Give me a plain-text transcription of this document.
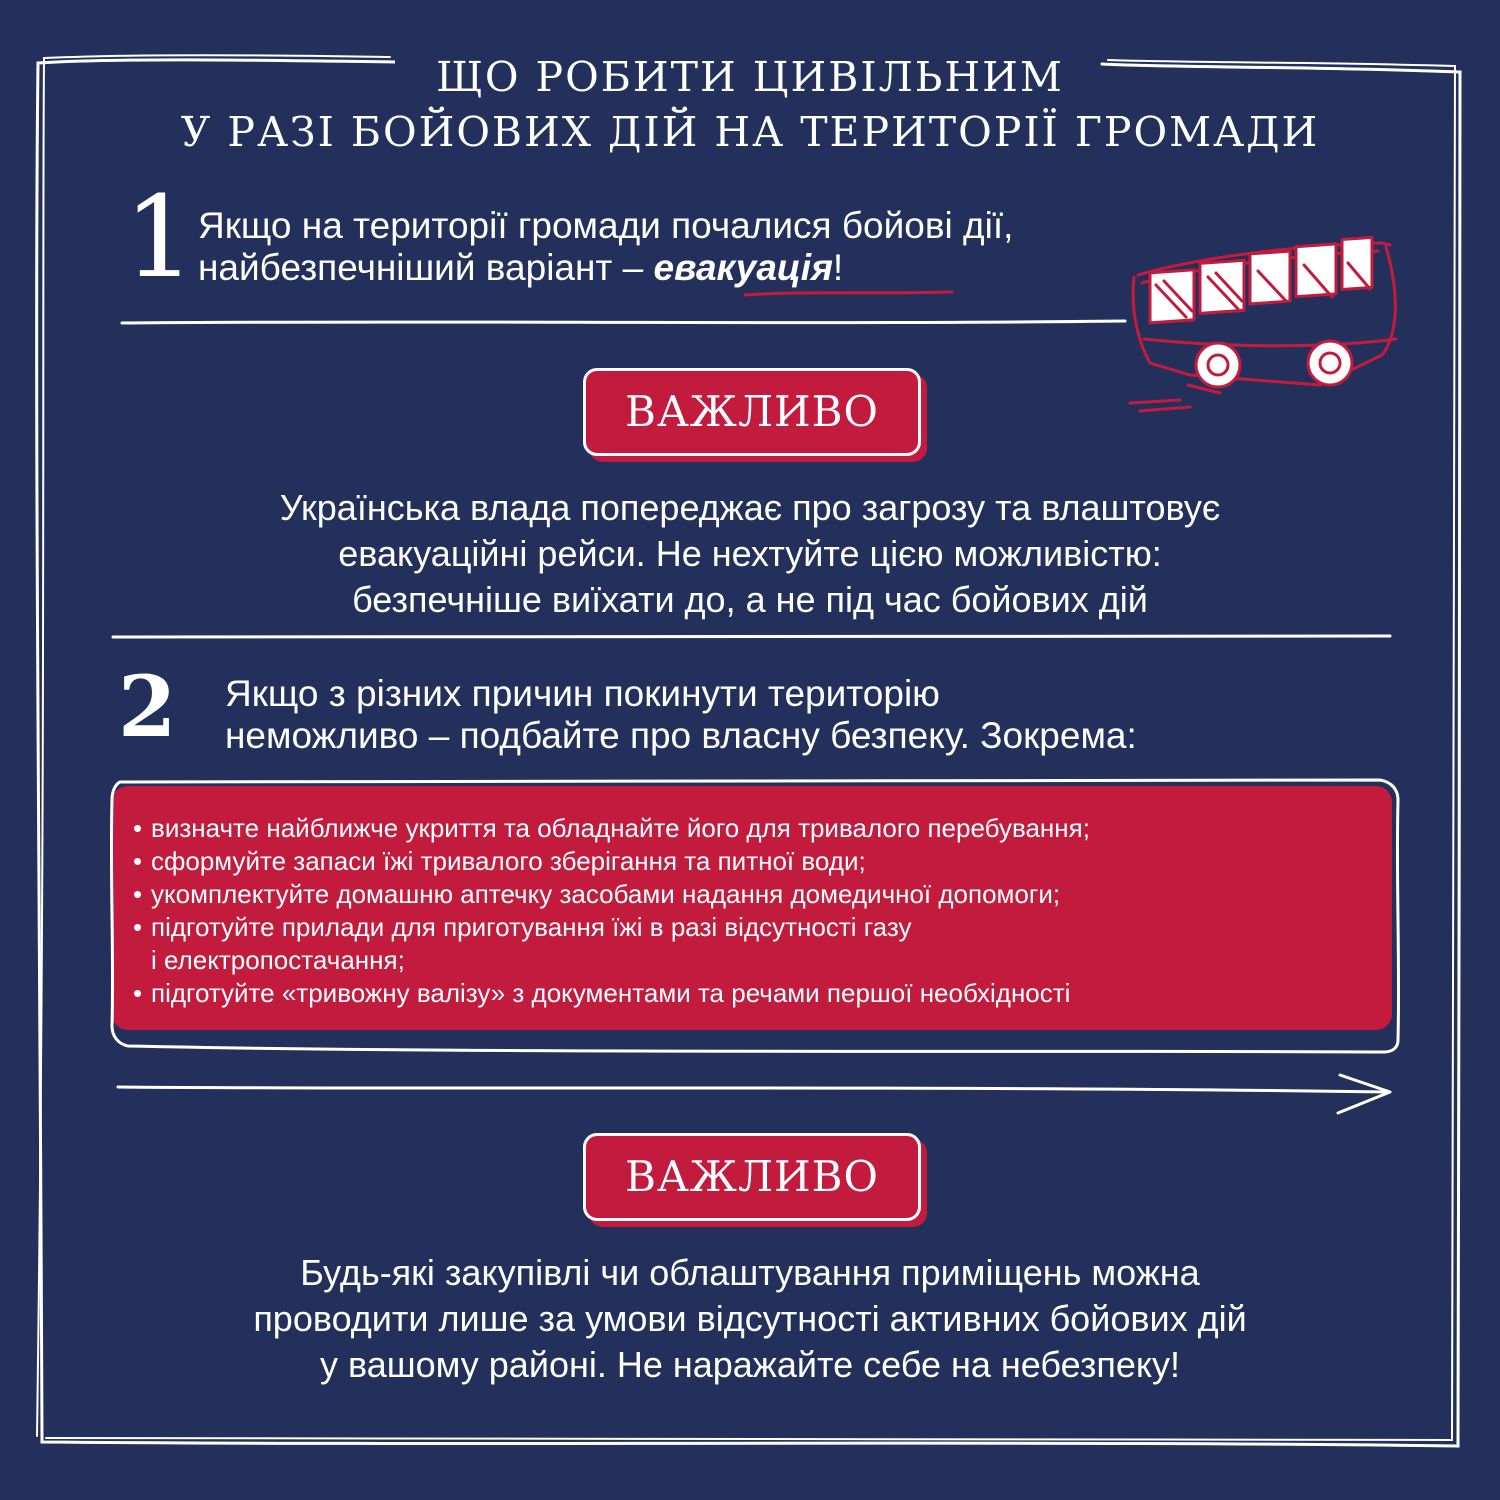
ЩО РОБИТИ ЦИВІЛЬНИМ
У РАЗІ БОЙОВИХ ДІЙ НА ТЕРИТОРІЇ ГРОМАДИ
1 Якщо на території громади почалися бойові дії,
найбезпечніший варіант – евакуація!
ВАЖЛИВО
Українська влада попереджає про загрозу та влаштовує
евакуаційні рейси. Не нехтуйте цією можливістю:
безпечніше виїхати до, а не під час бойових дій
2 Якщо з різних причин покинути територію
неможливо – подбайте про власну безпеку. Зокрема:
• визначте найближче укриття та обладнайте його для тривалого перебування;
• сформуйте запаси їжі тривалого зберігання та питної води;
• укомплектуйте домашню аптечку засобами надання домедичної допомоги;
• підготуйте прилади для приготування їжі в разі відсутності газу
і електропостачання;
• підготуйте «тривожну валізу» з документами та речами першої необхідності
ВАЖЛИВО
Будь-які закупівлі чи облаштування приміщень можна
проводити лише за умови відсутності активних бойових дій
у вашому районі. Не наражайте себе на небезпеку!
